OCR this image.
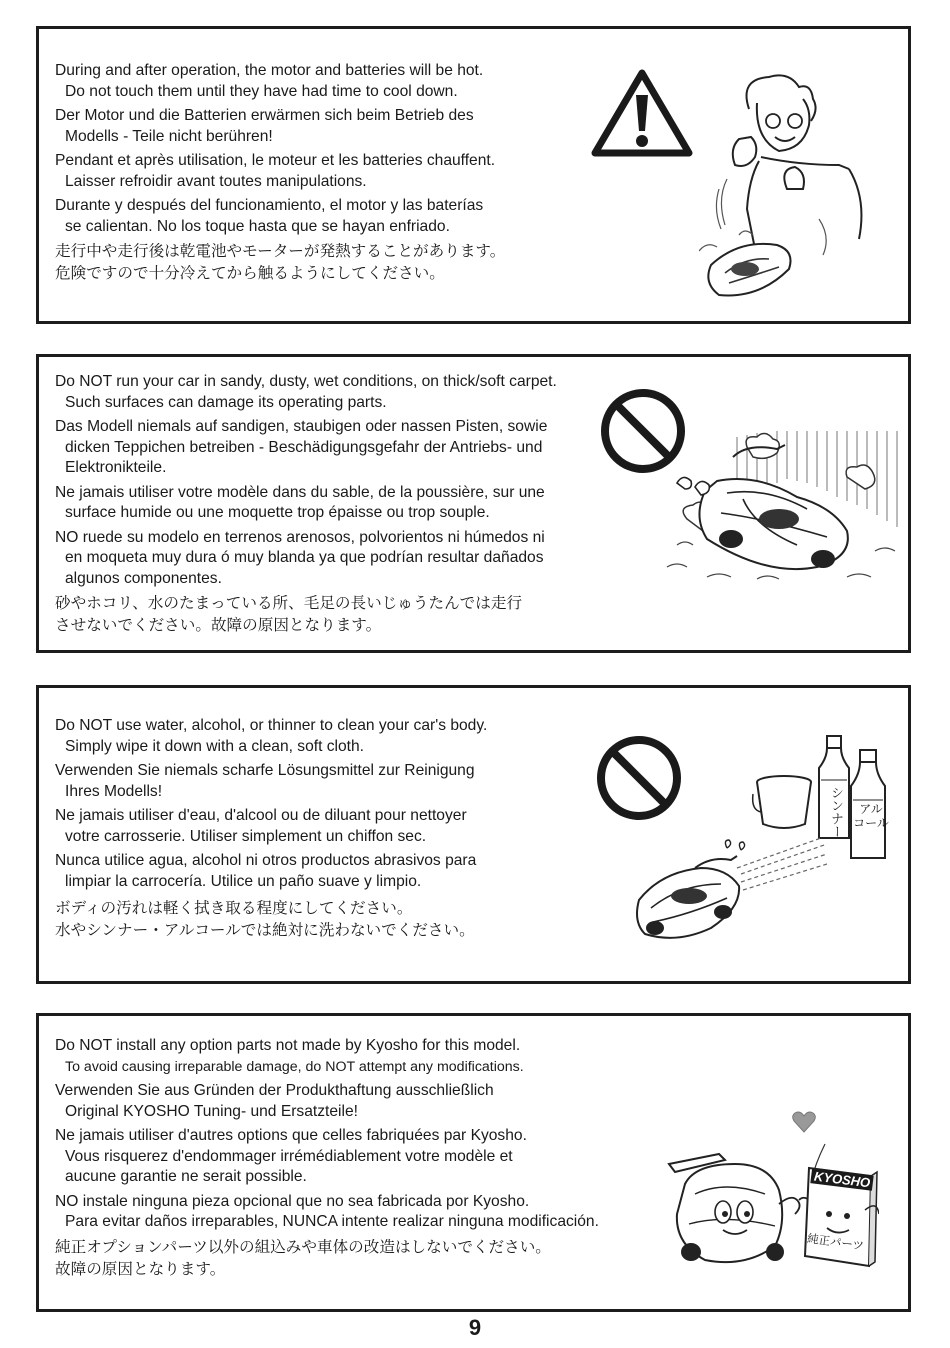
During and after operation, the motor and batteries will be hot.
Do not touch them until they have had time to cool down.
Der Motor und die Batterien erwärmen sich beim Betrieb des
Modells - Teile nicht berühren!
Pendant et après utilisation, le moteur et les batteries chauffent.
Laisser refroidir avant toutes manipulations.
Durante y después del funcionamiento, el motor y las baterías
se calientan. No los toque hasta que se hayan enfriado.
走行中や走行後は乾電池やモーターが発熱することがあります。
危険ですので十分冷えてから触るようにしてください。
Do NOT run your car in sandy, dusty, wet conditions, on thick/soft carpet.
Such surfaces can damage its operating parts.
Das Modell niemals auf sandigen, staubigen oder nassen Pisten, sowie
dicken Teppichen betreiben - Beschädigungsgefahr der Antriebs- und
Elektronikteile.
Ne jamais utiliser votre modèle dans du sable, de la poussière, sur une
surface humide ou une moquette trop épaisse ou trop souple.
NO ruede su modelo en terrenos arenosos, polvorientos ni húmedos ni
en moqueta muy dura ó muy blanda ya que podrían resultar dañados
algunos componentes.
砂やホコリ、水のたまっている所、毛足の長いじゅうたんでは走行
させないでください。故障の原因となります。
Do NOT use water, alcohol, or thinner to clean your car's body.
Simply wipe it down with a clean, soft cloth.
Verwenden Sie niemals scharfe Lösungsmittel zur Reinigung
Ihres Modells!
Ne jamais utiliser d'eau, d'alcool ou de diluant pour nettoyer
votre carrosserie. Utiliser simplement un chiffon sec.
Nunca utilice agua, alcohol ni otros productos abrasivos para
limpiar la carrocería. Utilice un paño suave y limpio.
ボディの汚れは軽く拭き取る程度にしてください。
水やシンナー・アルコールでは絶対に洗わないでください。
シンナー	アル
コール
Do NOT install any option parts not made by Kyosho for this model.
To avoid causing irreparable damage, do NOT attempt any modifications.
Verwenden Sie aus Gründen der Produkthaftung ausschließlich
Original KYOSHO Tuning- und Ersatzteile!
Ne jamais utiliser d'autres options que celles fabriquées par Kyosho.
Vous risquerez d'endommager irrémédiablement votre modèle et
aucune garantie ne serait possible.
NO instale ninguna pieza opcional que no sea fabricada por Kyosho.
Para evitar daños irreparables, NUNCA intente realizar ninguna modificación.
純正オプションパーツ以外の組込みや車体の改造はしないでください。
故障の原因となります。
KYOSHO
純正パーツ
9
